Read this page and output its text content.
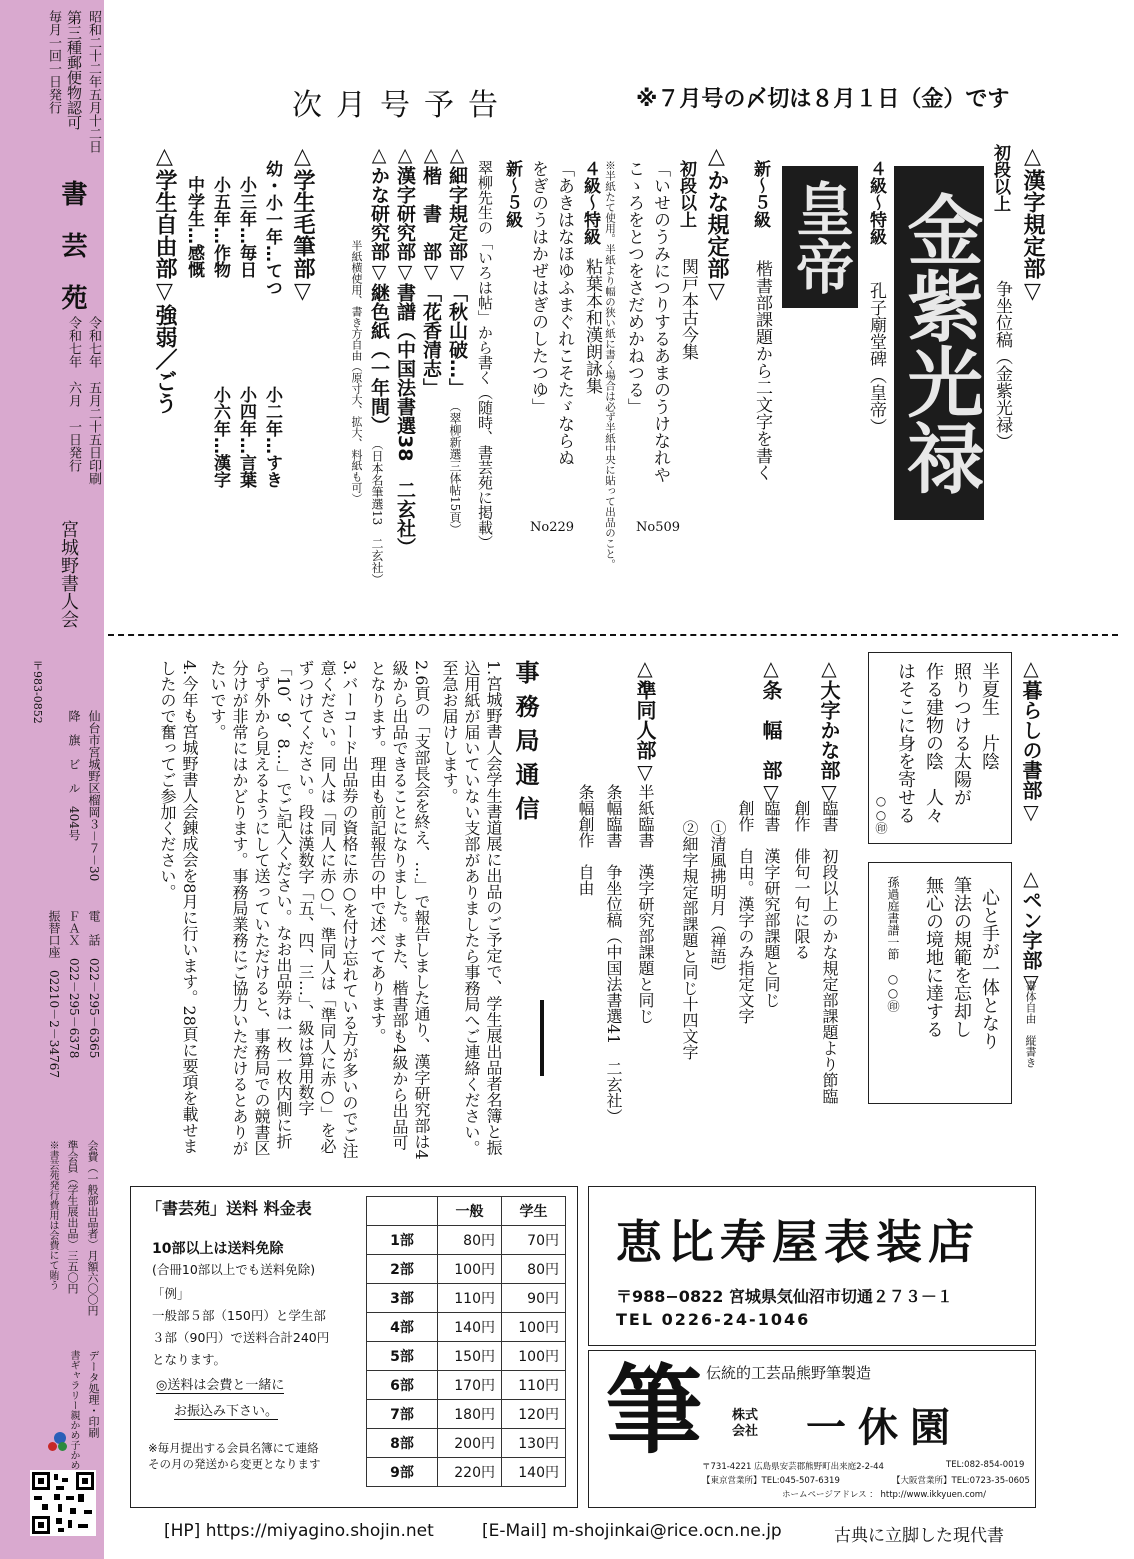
昭和二十二年五月十二日
第三種郵便物認可
毎月一回一日発行
書　芸　苑
令和七年　五月二十五日印刷
令和七年　六月　一日発行
宮城野書人会
〒983-0852
仙台市宮城野区榴岡３－７－30
降　旗　ビ　ル　404号
電　話　022－295－6365
ＦＡＸ　022－295－6378
振替口座　02210－2－34767
会費（一般部出品者）月額六〇〇円
準会員（学生展出品）三五〇円
※書芸苑発行費用は会費にて賄う
データ処理・印刷
書ギャラリー親かめ子かめ
次月号予告	※７月号の〆切は８月１日（金）です
△漢字規定部▽
初段以上
争坐位稿（金紫光禄）
金紫光禄
４級〜特級
孔子廟堂碑（皇帝）
皇帝
新〜５級
楷書部課題から二文字を書く
△かな規定部▽
初段以上
関戸本古今集
「いせのうみにつりするあまのうけなれや
こゝろをとつをさだめかねつる」
No509
※半紙たて使用。半紙より幅の狭い紙に書く場合は必ず半紙中央に貼って出品のこと。
４級〜特級
粘葉本和漢朗詠集
「あきはなほゆふまぐれこそたゞならぬ
をぎのうはかぜはぎのしたつゆ」
No229
新〜５級
翠柳先生の「いろは帖」から書く（随時、書芸苑に掲載）
△細字規定部▽「秋山破…」
（翠柳新選三体帖15頁）
△楷　書　部▽「花香清志」
△漢字研究部▽書譜（中国法書選38　二玄社）
△かな研究部▽継色紙（一年間）
（日本名筆選13　二玄社）
半紙横使用、書き方自由（原寸大、拡大、料紙も可）
△学生毛筆部▽
幼・小一年…てつ
小二年…すき
小三年…毎日
小四年…言葉
小五年…作物
小六年…漢字
中学生…感慨
△学生自由部▽強弱／ごう
△暮らしの書部▽
半夏生　片陰
照りつける太陽が
作る建物の陰　人々
はそこに身を寄せる
○○㊞
△ペン字部▽
書体自由　縦書き
心と手が一体となり
筆法の規範を忘却し
無心の境地に達する
孫過庭書譜一節　○○㊞
△大字かな部▽
臨書　初段以上のかな規定部課題より節臨
創作　俳句一句に限る
△条　幅　部▽
臨書　漢字研究部課題と同じ
創作　自由。漢字のみ指定文字
①清風拂明月（禅語）
②細字規定部課題と同じ十四文字
△準同人部▽
半紙臨書　漢字研究部課題と同じ
条幅臨書　争坐位稿（中国法書選41　二玄社）
条幅創作　自由
事務局通信

1.宮城野書人会学生書道展に出品のご予定で、学生展出品者名簿と振込用紙が届いていない支部がありましたら事務局へご連絡ください。至急お届けします。

2.6頁の「支部長会を終え、…」で報告しました通り、漢字研究部は4級から出品できることになりました。また、楷書部も4級から出品可となります。理由も前記報告の中で述べてあります。

3.バーコード出品券の資格に赤○を付け忘れている方が多いのでご注意ください。同人は「同人に赤○」、準同人は「準同人に赤○」を必ずつけてください。段は漢数字「五、四、三…」、級は算用数字「10、9、8…」でご記入ください。なお出品券は一枚一枚内側に折らず外から見えるようにして送っていただけると、事務局での競書区分けが非常にはかどります。事務局業務にご協力いただけるとありがたいです。

4.今年も宮城野書人会錬成会を8月に行います。28頁に要項を載せましたので奮ってご参加ください。

「書芸苑」送料 料金表
10部以上は送料免除
(合冊10部以上でも送料免除)
「例」
一般部５部（150円）と学生部
３部（90円）で送料合計240円
となります。
◎送料は会費と一緒に
お振込み下さい。
※毎月提出する会員名簿にて連絡
その月の発送から変更となります
	一般	学生
1部	80円	70円
2部	100円	80円
3部	110円	90円
4部	140円	100円
5部	150円	100円
6部	170円	110円
7部	180円	120円
8部	200円	130円
9部	220円	140円
恵比寿屋表装店
〒988−0822 宮城県気仙沼市切通２７３－１
TEL 0226-24-1046
筆 伝統的工芸品熊野筆製造
株式会社 一休園
〒731-4221 広島県安芸郡熊野町出来庭2-2-44	TEL:082-854-0019
【東京営業所】TEL:045-507-6319	【大阪営業所】TEL:0723-35-0605
ホームページアドレス ： http://www.ikkyuen.com/
[HP] https://miyagino.shojin.net	[E-Mail] m-shojinkai@rice.ocn.ne.jp	古典に立脚した現代書
